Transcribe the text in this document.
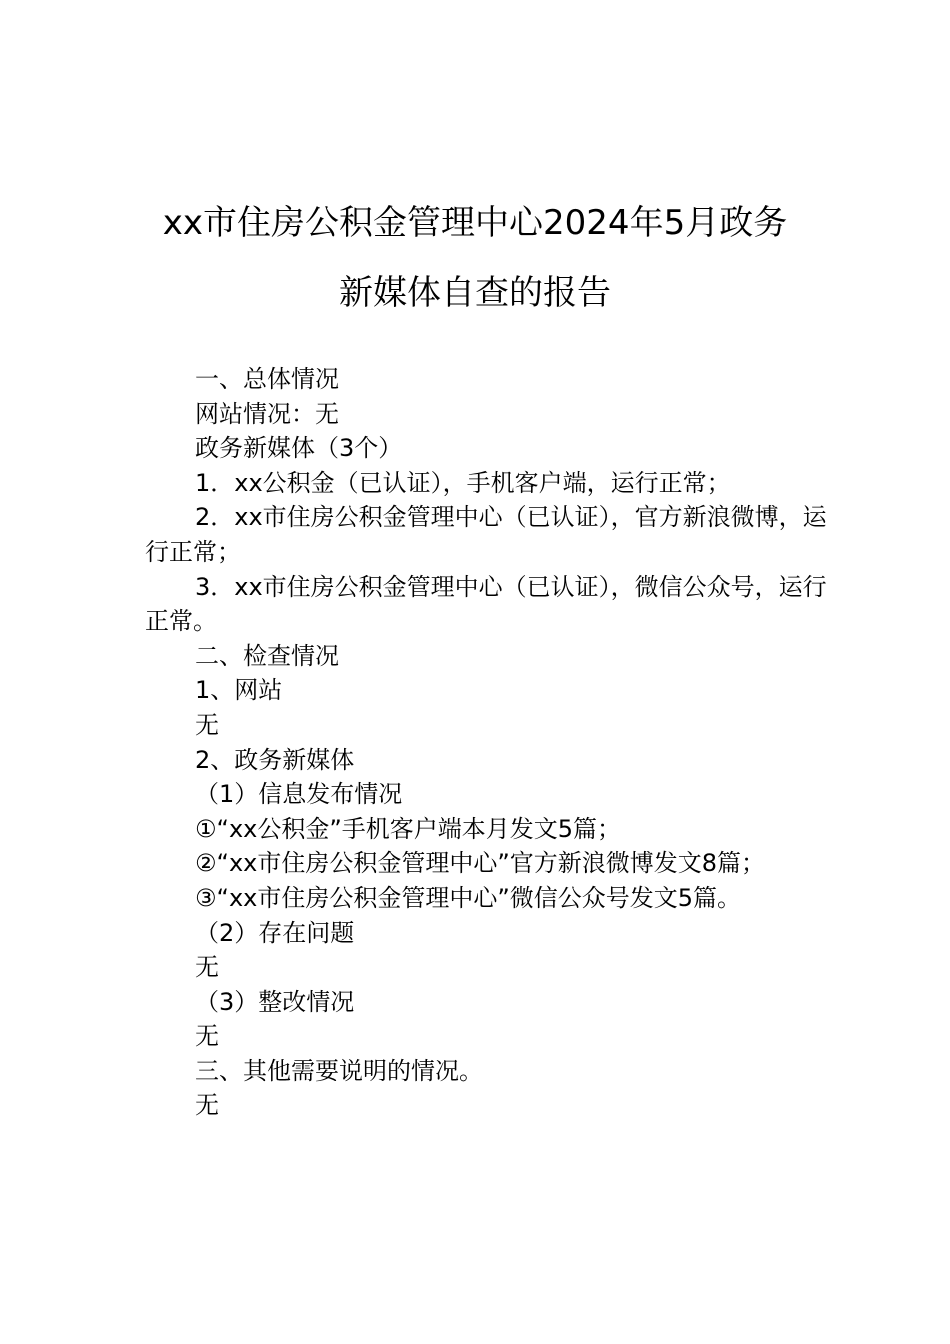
xx市住房公积金管理中心2024年5月政务
新媒体自查的报告

一、总体情况

网站情况：无

政务新媒体（3个）

1．xx公积金（已认证），手机客户端，运行正常；

2．xx市住房公积金管理中心（已认证），官方新浪微博，运行正常；

3．xx市住房公积金管理中心（已认证），微信公众号，运行正常。

二、检查情况

1、网站

无

2、政务新媒体

（1）信息发布情况

①“xx公积金”手机客户端本月发文5篇；

②“xx市住房公积金管理中心”官方新浪微博发文8篇；

③“xx市住房公积金管理中心”微信公众号发文5篇。

（2）存在问题

无

（3）整改情况

无

三、其他需要说明的情况。

无
